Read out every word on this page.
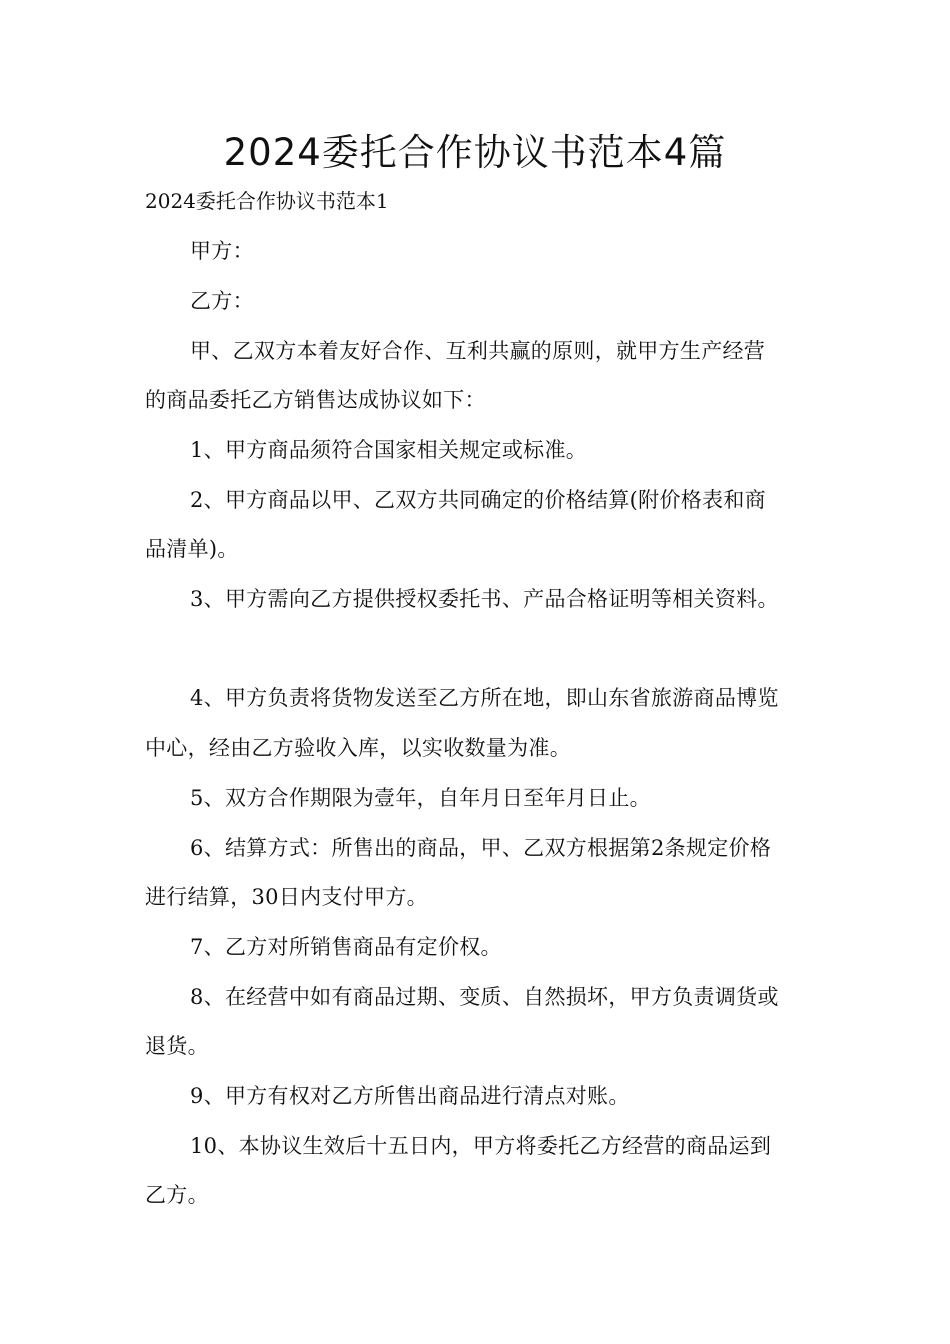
2024委托合作协议书范本4篇
2024委托合作协议书范本1
甲方：
乙方：
甲、乙双方本着友好合作、互利共赢的原则，就甲方生产经营
的商品委托乙方销售达成协议如下：
1、甲方商品须符合国家相关规定或标准。
2、甲方商品以甲、乙双方共同确定的价格结算(附价格表和商
品清单)。
3、甲方需向乙方提供授权委托书、产品合格证明等相关资料。
4、甲方负责将货物发送至乙方所在地，即山东省旅游商品博览
中心，经由乙方验收入库，以实收数量为准。
5、双方合作期限为壹年，自年月日至年月日止。
6、结算方式：所售出的商品，甲、乙双方根据第2条规定价格
进行结算，30日内支付甲方。
7、乙方对所销售商品有定价权。
8、在经营中如有商品过期、变质、自然损坏，甲方负责调货或
退货。
9、甲方有权对乙方所售出商品进行清点对账。
10、本协议生效后十五日内，甲方将委托乙方经营的商品运到
乙方。
